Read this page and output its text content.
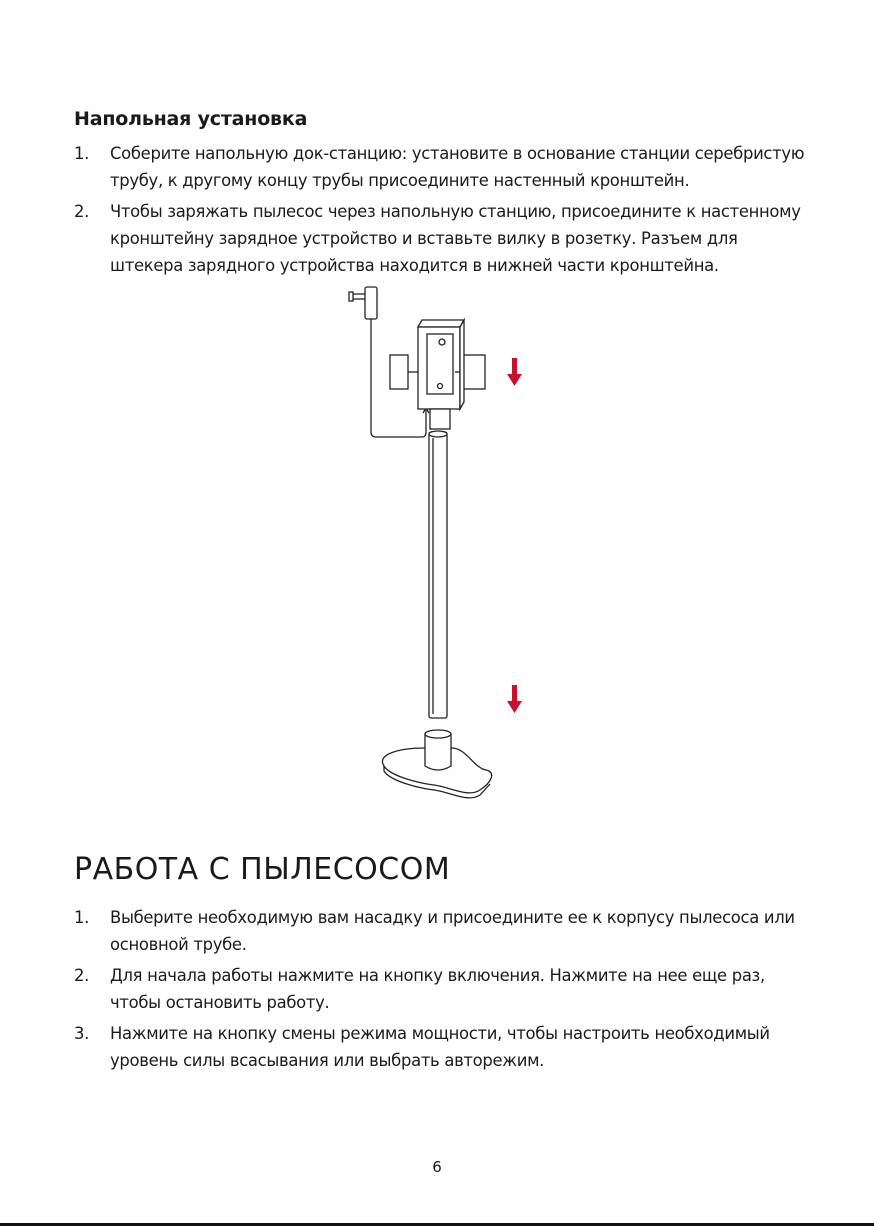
Напольная установка
1. Соберите напольную док-станцию: установите в основание станции серебристую трубу, к другому концу трубы присоедините настенный кронштейн.
2. Чтобы заряжать пылесос через напольную станцию, присоедините к настенному кронштейну зарядное устройство и вставьте вилку в розетку. Разъем для штекера зарядного устройства находится в нижней части кронштейна.
РАБОТА С ПЫЛЕСОСОМ
1. Выберите необходимую вам насадку и присоедините ее к корпусу пылесоса или основной трубе.
2. Для начала работы нажмите на кнопку включения. Нажмите на нее еще раз, чтобы остановить работу.
3. Нажмите на кнопку смены режима мощности, чтобы настроить необходимый уровень силы всасывания или выбрать авторежим.
6
